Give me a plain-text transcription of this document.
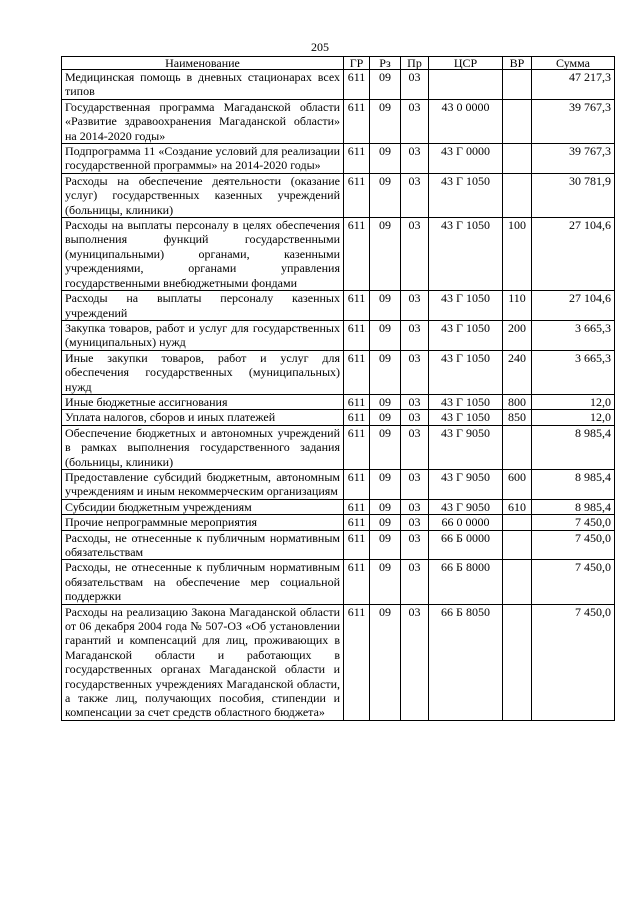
205
Наименование	ГР	Рз	Пр	ЦСР	ВР	Сумма
Медицинская помощь в дневных стационарах всех типов	611	09	03			47 217,3
Государственная программа Магаданской области «Развитие здравоохранения Магаданской области» на 2014-2020 годы»	611	09	03	43 0 0000		39 767,3
Подпрограмма 11 «Создание условий для реализации государственной программы» на 2014-2020 годы»	611	09	03	43 Г 0000		39 767,3
Расходы на обеспечение деятельности (оказание услуг) государственных казенных учреждений (больницы, клиники)	611	09	03	43 Г 1050		30 781,9
Расходы на выплаты персоналу в целях обеспечения выполнения функций государственными (муниципальными) органами, казенными учреждениями, органами управления государственными внебюджетными фондами	611	09	03	43 Г 1050	100	27 104,6
Расходы на выплаты персоналу казенных учреждений	611	09	03	43 Г 1050	110	27 104,6
Закупка товаров, работ и услуг для государственных (муниципальных) нужд	611	09	03	43 Г 1050	200	3 665,3
Иные закупки товаров, работ и услуг для обеспечения государственных (муниципальных) нужд	611	09	03	43 Г 1050	240	3 665,3
Иные бюджетные ассигнования	611	09	03	43 Г 1050	800	12,0
Уплата налогов, сборов и иных платежей	611	09	03	43 Г 1050	850	12,0
Обеспечение бюджетных и автономных учреждений в рамках выполнения государственного задания (больницы, клиники)	611	09	03	43 Г 9050		8 985,4
Предоставление субсидий бюджетным, автономным учреждениям и иным некоммерческим организациям	611	09	03	43 Г 9050	600	8 985,4
Субсидии бюджетным учреждениям	611	09	03	43 Г 9050	610	8 985,4
Прочие непрограммные мероприятия	611	09	03	66 0 0000		7 450,0
Расходы, не отнесенные к публичным нормативным обязательствам	611	09	03	66 Б 0000		7 450,0
Расходы, не отнесенные к публичным нормативным обязательствам на обеспечение мер социальной поддержки	611	09	03	66 Б 8000		7 450,0
Расходы на реализацию Закона Магаданской области от 06 декабря 2004 года № 507-ОЗ «Об установлении гарантий и компенсаций для лиц, проживающих в Магаданской области и работающих в государственных органах Магаданской области и государственных учреждениях Магаданской области, а также лиц, получающих пособия, стипендии и компенсации за счет средств областного бюджета»	611	09	03	66 Б 8050		7 450,0
